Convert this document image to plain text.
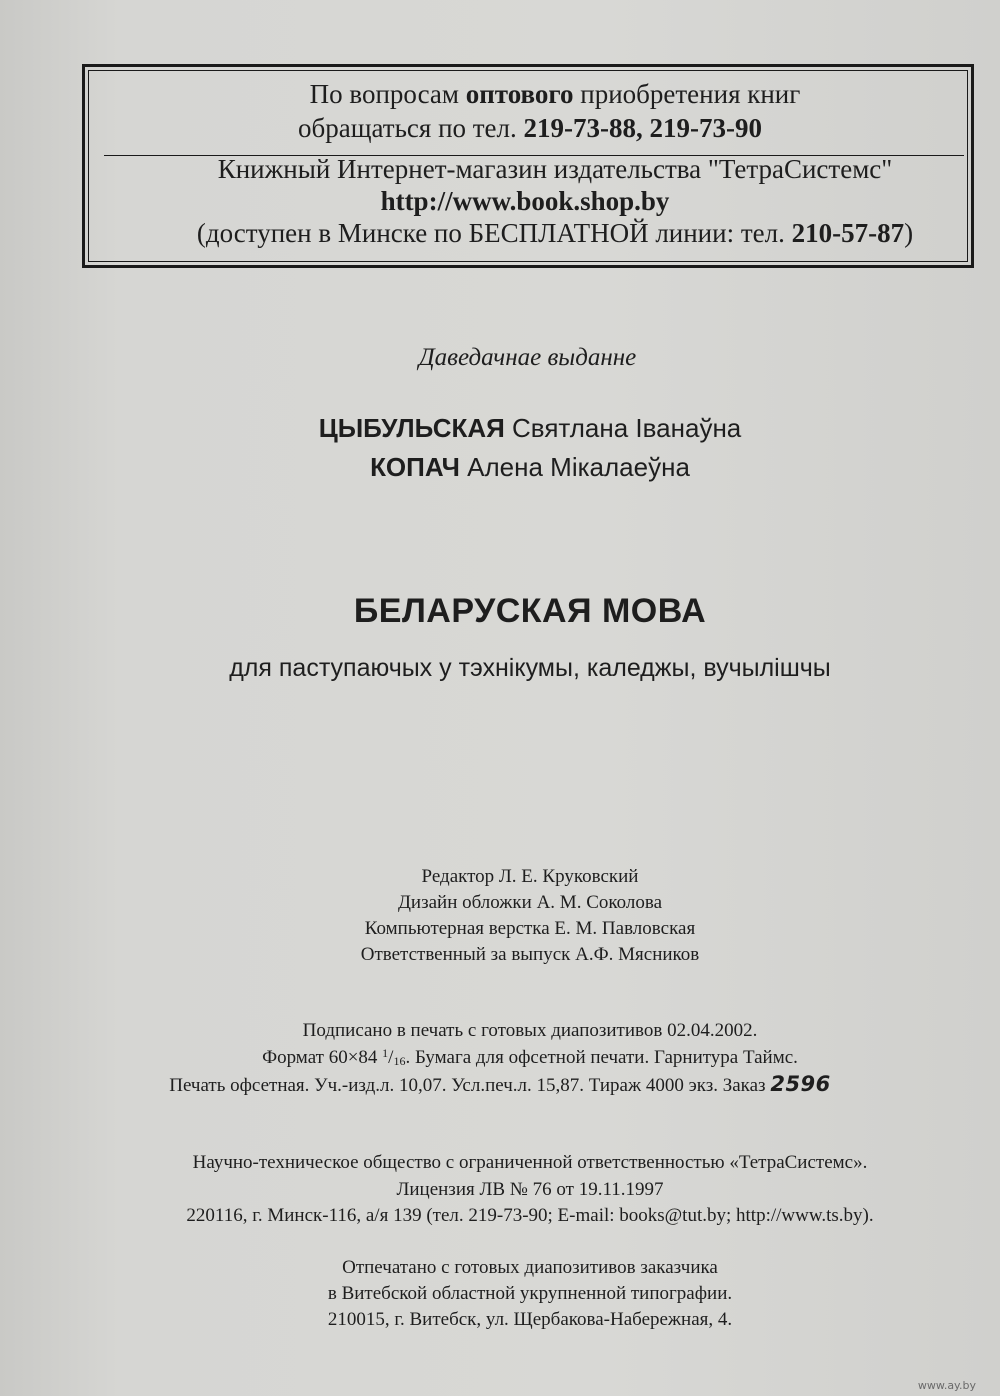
По вопросам оптового приобретения книг
обращаться по тел. 219-73-88, 219-73-90
Книжный Интернет-магазин издательства "ТетраСистемс"
http://www.book.shop.by
(доступен в Минске по БЕСПЛАТНОЙ линии: тел. 210-57-87)
Даведачнае выданне
ЦЫБУЛЬСКАЯ Святлана Іванаўна
КОПАЧ Алена Мікалаеўна
БЕЛАРУСКАЯ МОВА
для паступаючых у тэхнікумы, каледжы, вучылішчы
Редактор Л. Е. Круковский
Дизайн обложки А. М. Соколова
Компьютерная верстка Е. М. Павловская
Ответственный за выпуск А.Ф. Мясников
Подписано в печать с готовых диапозитивов 02.04.2002.
Формат 60×84 $^1/_{16}$. Бумага для офсетной печати. Гарнитура Таймс.
Печать офсетная. Уч.-изд.л. 10,07. Усл.печ.л. 15,87. Тираж 4000 экз. Заказ 2596
Научно-техническое общество с ограниченной ответственностью «ТетраСистемс».
Лицензия ЛВ № 76 от 19.11.1997
220116, г. Минск-116, а/я 139 (тел. 219-73-90; E-mail: books@tut.by; http://www.ts.by).
Отпечатано с готовых диапозитивов заказчика
в Витебской областной укрупненной типографии.
210015, г. Витебск, ул. Щербакова-Набережная, 4.
www.ay.by
